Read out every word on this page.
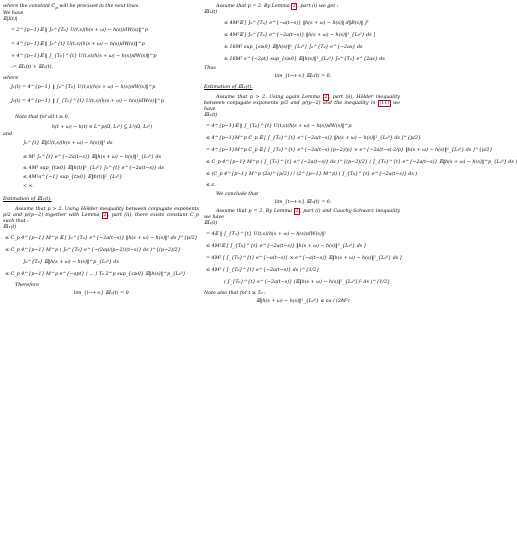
where the constant $C_p$ will be precised in the next lines.
We have
𝔼|I(t)|
= 2^{p−1}𝔼 ‖ ∫₀^{T₀} U(t,s)(h(s + ω) − h(s))dW(s)‖^p
= 4^{p−1}𝔼 ‖ ∫₀^{t} U(t,s)(h(s + ω) − h(s))dW(s)‖^p
+ 4^{p−1}𝔼 ‖ ∫_{T₀}^{t} U(t,s)(h(s + ω) − h(s))dW(s)‖^p
:= 𝔼I₁(t) + 𝔼I₂(t),
where
J₁(t) = 4^{p−1} ‖ ∫₀^{T₀} U(t,s)(h(s + ω) − h(s))dW(s)‖^p
J₂(t) = 4^{p−1} ‖ ∫_{T₀}^{t} U(t,s)(h(s + ω) − h(s))dW(s)‖^p
Note that for all t ≥ 0,
h(t + ω) − h(t) ∈ L^p(Ω, L₂⁰) ⊆ L²(Ω, L₂⁰)
and
∫₀^{t} 𝔼‖U(t,s)(h(s + ω) − h(s))‖² ds
≤ M² ∫₀^{t} e^{−2a(t−s)} 𝔼‖h(s + ω) − h(s)‖²_{L₂⁰} ds
≤ 4M² sup_{t≥0} 𝔼‖h(t)‖²_{L₂⁰} ∫₀^{t} e^{−2a(t−s)} ds
≤ 4M²a^{−1} sup_{t≥0} 𝔼‖h(t)‖²_{L₂⁰}
< ∞.
Estimation of 𝔼I₁(t).
Assume that p > 2. Using Hölder inequality between conjugate exponents p/2 and p/(p−2) together with Lemma 2 , part (ii), there exists constant C_p such that :
𝔼I₁(t)
≤ C_p 4^{p−1} M^p 𝔼 [ ∫₀^{T₀} e^{−2a(t−s)} ‖h(s + ω) − h(s)‖² ds ]^{p/2}
≤ C_p 4^{p−1} M^p ( ∫₀^{T₀} e^{−(2ap/(p−2))(t−s)} ds )^{(p−2)/2}
∫₀^{T₀} 𝔼‖h(s + ω) − h(s)‖^p_{L₂⁰} ds
≤ C_p 4^{p−1} M^p e^{−apt} ( ... ) T₀ 2^p sup_{s≥0} 𝔼‖h(s)‖^p_{L₂⁰}
Therefore
lim_{t→+∞} 𝔼I₁(t) = 0.
Assume that p = 2. By Lemma 2 , part (i) we get :
𝔼I₁(t)
≤ 4M²𝔼 [ ∫₀^{T₀} e^{−a(t−s)} ‖h(s + ω) − h(s)‖ d‖B(s)‖ ]²
≤ 4M²𝔼 [ ∫₀^{T₀} e^{−2a(t−s)} ‖h(s + ω) − h(s)‖²_{L₂⁰} ds ]
≤ 16M² sup_{s≥0} 𝔼‖h(s)‖²_{L₂⁰} ∫₀^{T₀} e^{−2as} ds
≤ 16M² e^{−2at} sup_{s≥0} 𝔼‖h(s)‖²_{L₂⁰} ∫₀^{T₀} e^{2as} ds
Thus
lim_{t→+∞} 𝔼I₁(t) = 0.
Estimation of 𝔼I₂(t).
Assume that p > 2. Using again Lemma 2 , part (ii), Hölder inequality between conjugate exponents p/2 and p/(p−2) and the inequality in (11) we have
𝔼I₂(t)
= 4^{p−1}𝔼 ‖ ∫_{T₀}^{t} U(t,s)(h(s + ω) − h(s))dW(s)‖^p
≤ 4^{p−1}M^p C_p 𝔼 [ ∫_{T₀}^{t} e^{−2a(t−s)} ‖h(s + ω) − h(s)‖²_{L₂⁰} ds ]^{p/2}
= 4^{p−1}M^p C_p 𝔼 [ ∫_{T₀}^{t} e^{−2a(t−s)·(p−2)/p} × e^{−2a(t−s)·2/p} ‖h(s + ω) − h(s)‖²_{L₂⁰} ds ]^{p/2}
≤ C_p 4^{p−1} M^p ( ∫_{T₀}^{t} e^{−2a(t−s)} ds )^{(p−2)/2} ( ∫_{T₀}^{t} e^{−2a(t−s)} 𝔼‖h(s + ω) − h(s)‖^p_{L₂⁰} ds )
≤ (C_p 4^{p−1} M^p (2a)^{p/2}) / (2^{p−1} M^p) ( ∫_{T₀}^{t} e^{−2a(t−s)} ds )
≤ ε.
We conclude that
lim_{t→+∞} 𝔼I₂(t) = 0.
Assume that p = 2. By Lemma 2 , part (i) and Cauchy-Schwarz inequality we have
𝔼I₂(t)
= 4𝔼 ‖ ∫_{T₀}^{t} U(t,s)(h(s + ω) − h(s))dW(s)‖²
≤ 4M²𝔼 [ ∫_{T₀}^{t} e^{−2a(t−s)} ‖h(s + ω) − h(s)‖²_{L₂⁰} ds ]
= 4M² [ ∫_{T₀}^{t} e^{−a(t−s)} × e^{−a(t−s)} 𝔼‖h(s + ω) − h(s)‖²_{L₂⁰} ds ]
≤ 4M² ( ∫_{T₀}^{t} e^{−2a(t−s)} ds )^{1/2}
( ∫_{T₀}^{t} e^{−2a(t−s)} (𝔼‖h(s + ω) − h(s)‖²_{L₂⁰})² ds )^{1/2}
Note also that for t ≥ T₀ :
𝔼‖h(s + ω) − h(s)‖²_{L₂⁰} ≤ εa / (2M²)
